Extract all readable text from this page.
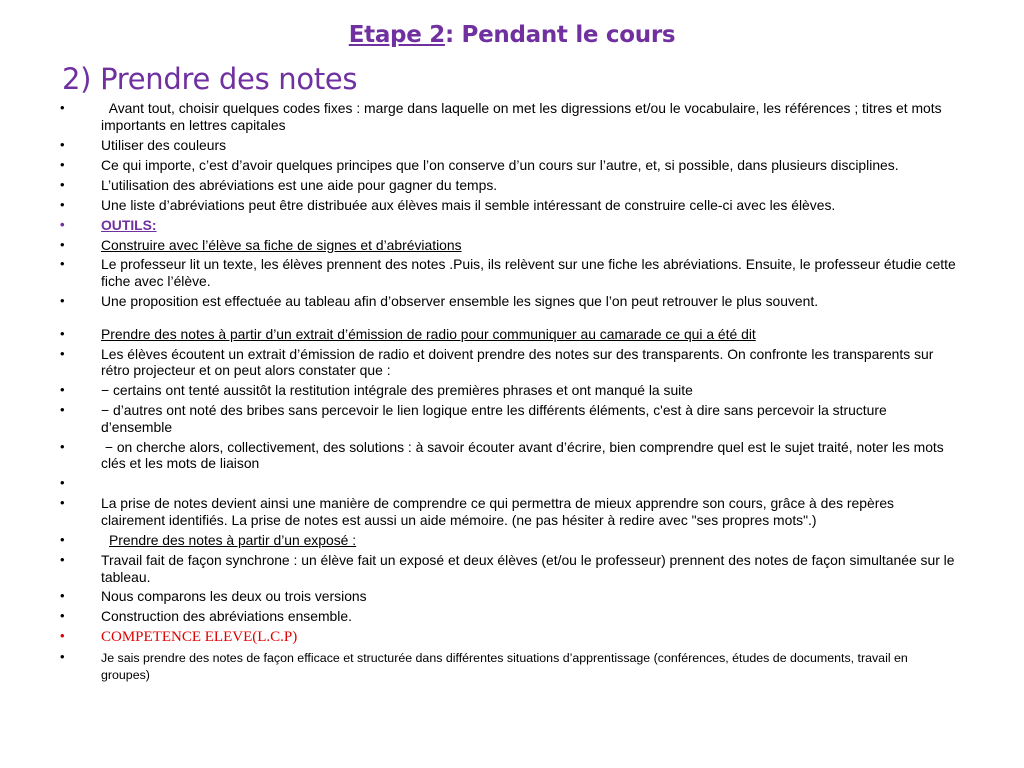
Etape 2: Pendant le cours
2) Prendre des notes
•	Avant tout, choisir quelques codes fixes : marge dans laquelle on met les digressions et/ou le vocabulaire, les références ; titres et mots importants en lettres capitales
•	Utiliser des couleurs
•	Ce qui importe, c’est d’avoir quelques principes que l’on conserve d’un cours sur l’autre, et, si possible, dans plusieurs disciplines.
•	L’utilisation des abréviations est une aide pour gagner du temps.
•	Une liste d’abréviations peut être distribuée aux élèves mais il semble intéressant de construire celle-ci avec les élèves.
•	OUTILS:
•	Construire avec l’élève sa fiche de signes et d’abréviations
•	Le professeur lit un texte, les élèves prennent des notes .Puis, ils relèvent sur une fiche les abréviations. Ensuite, le professeur étudie cette fiche avec l’élève.
•	Une proposition est effectuée au tableau afin d’observer ensemble les signes que l’on peut retrouver le plus souvent.
•	Prendre des notes à partir d’un extrait d’émission de radio pour communiquer au camarade ce qui a été dit
•	Les élèves écoutent un extrait d’émission de radio et doivent prendre des notes sur des transparents. On confronte les transparents sur rétro projecteur et on peut alors constater que :
•	− certains ont tenté aussitôt la restitution intégrale des premières phrases et ont manqué la suite
•	− d’autres ont noté des bribes sans percevoir le lien logique entre les différents éléments, c'est à dire sans percevoir la structure d’ensemble
•	− on cherche alors, collectivement, des solutions : à savoir écouter avant d’écrire, bien comprendre quel est le sujet traité, noter les mots clés et les mots de liaison
•
•	La prise de notes devient ainsi une manière de comprendre ce qui permettra de mieux apprendre son cours, grâce à des repères clairement identifiés. La prise de notes est aussi un aide mémoire. (ne pas hésiter à redire avec "ses propres mots".)
•	Prendre des notes à partir d’un exposé :
•	Travail fait de façon synchrone : un élève fait un exposé et deux élèves (et/ou le professeur) prennent des notes de façon simultanée sur le tableau.
•	Nous comparons les deux ou trois versions
•	Construction des abréviations ensemble.
• COMPETENCE ELEVE(L.C.P)
•	Je sais prendre des notes de façon efficace et structurée dans différentes situations d’apprentissage (conférences, études de documents, travail en groupes)
